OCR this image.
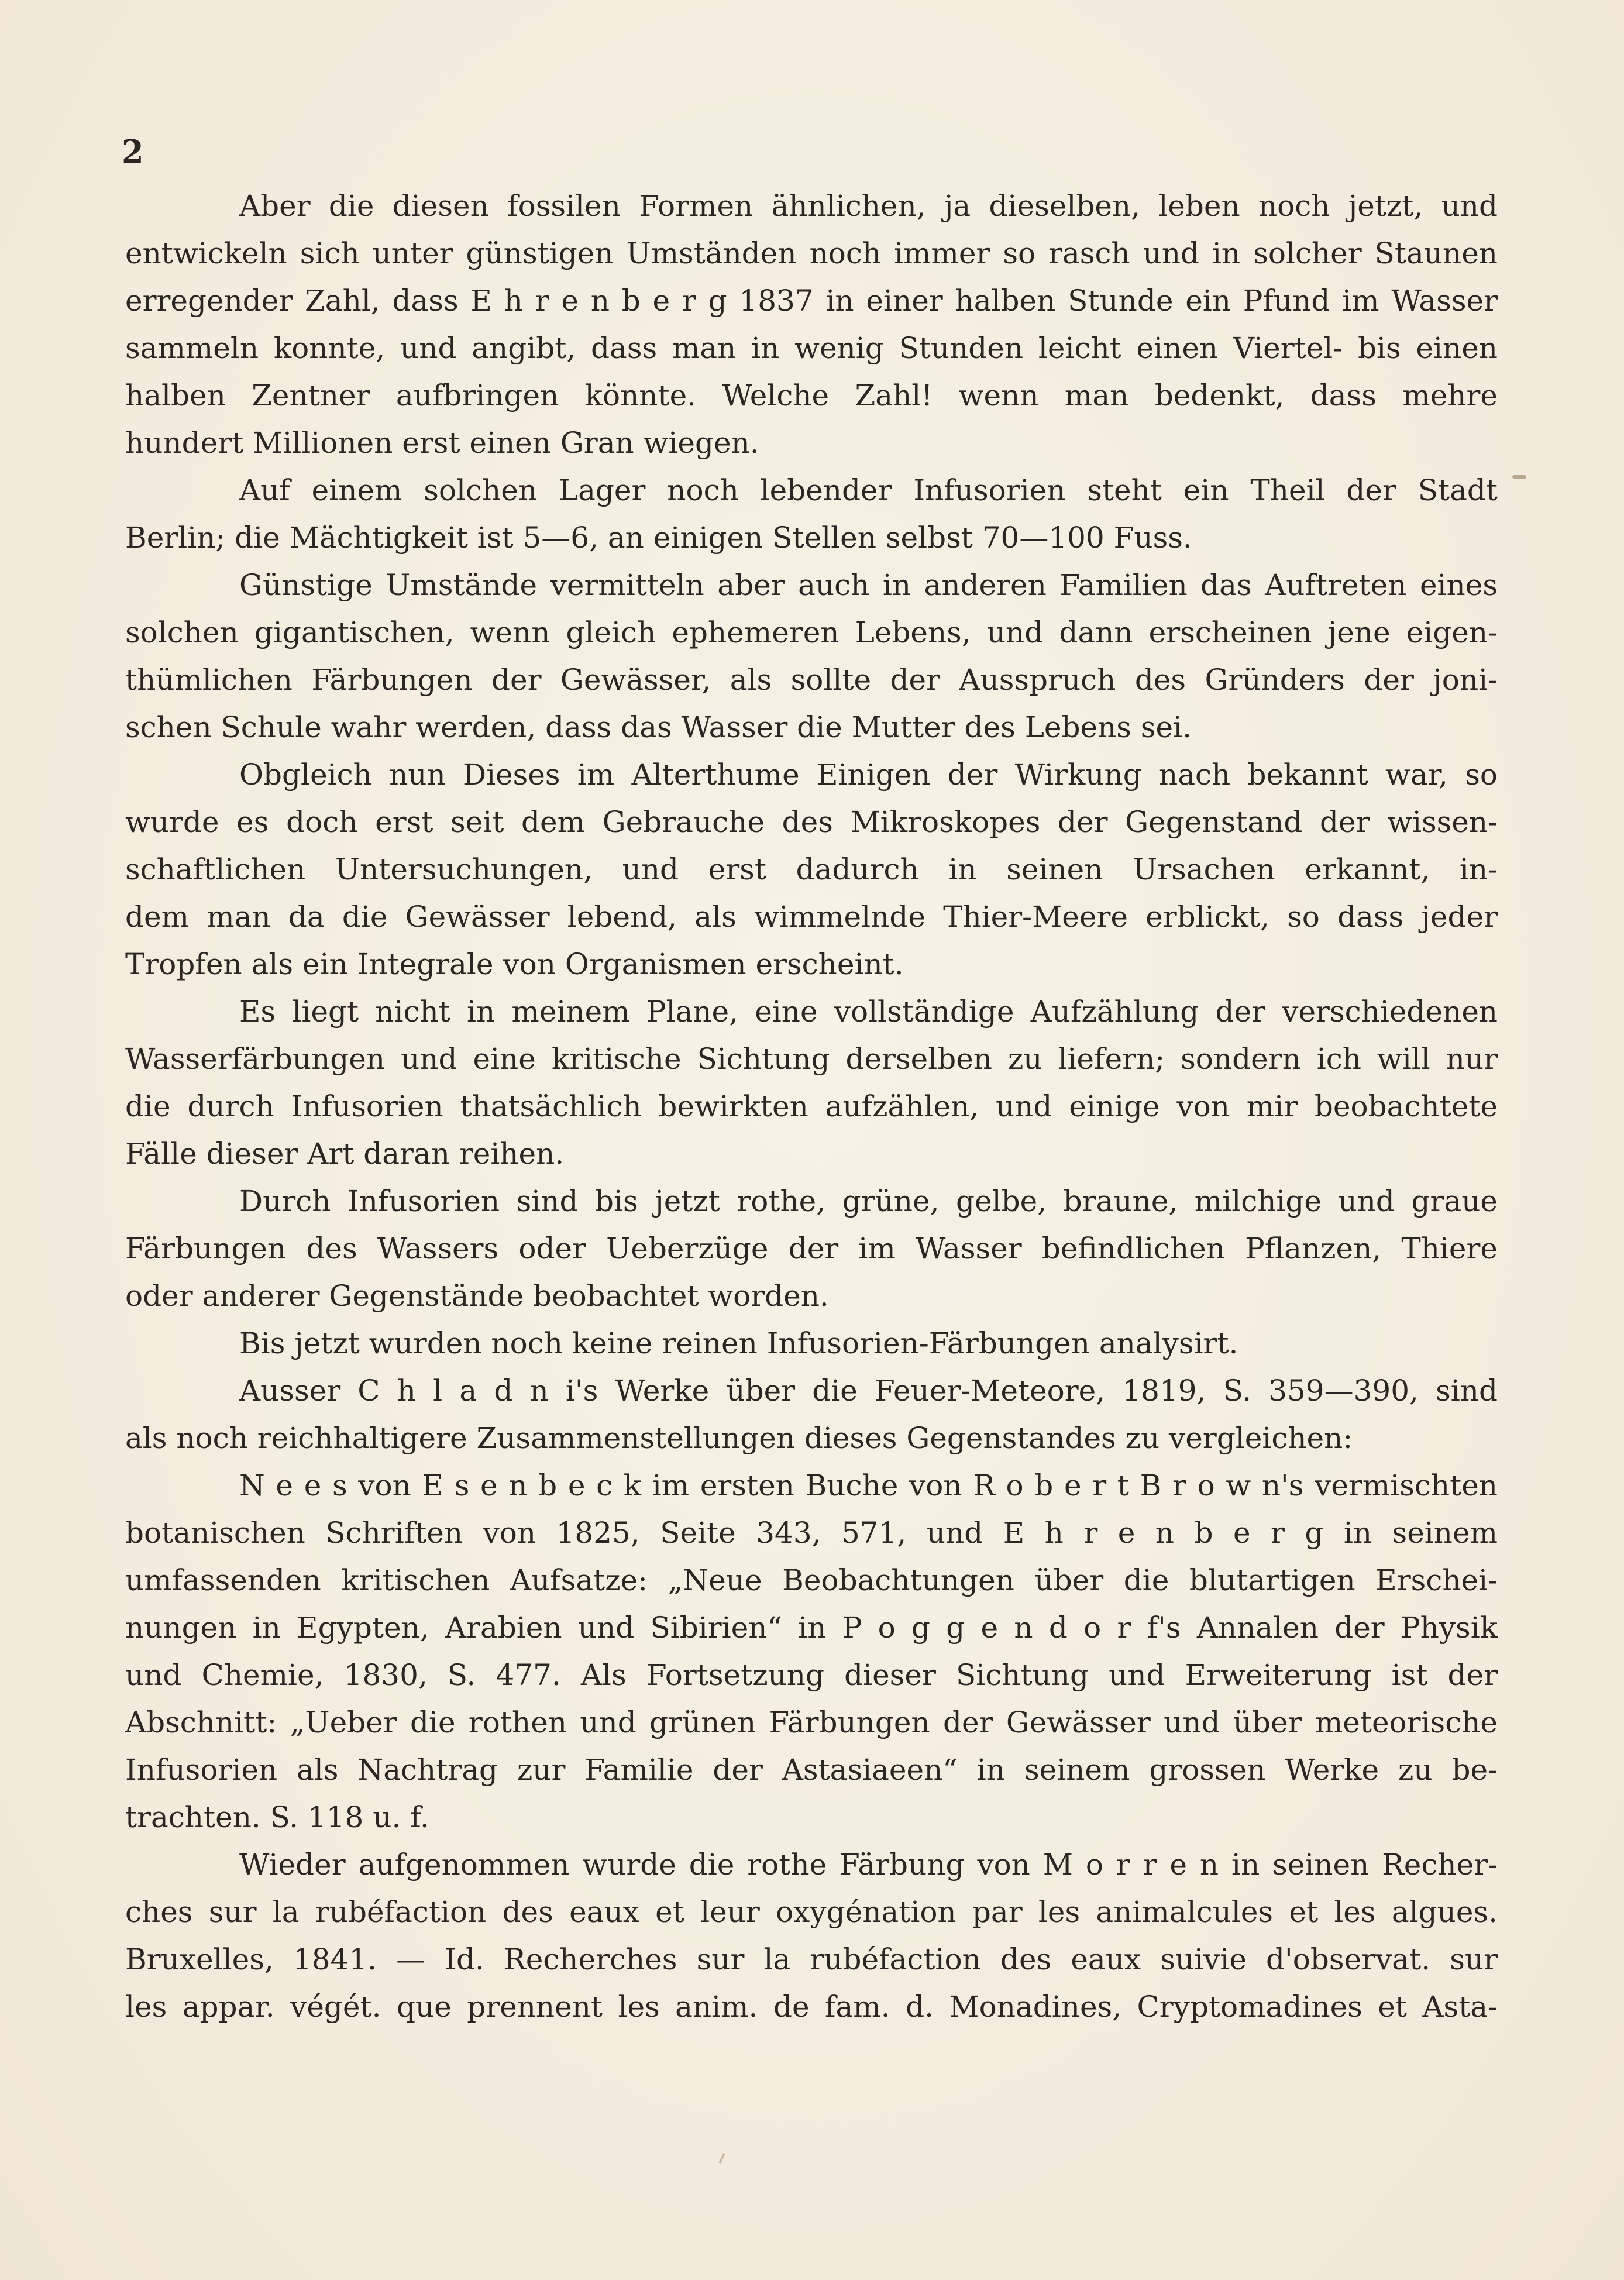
2
Aber die diesen fossilen Formen ähnlichen, ja dieselben, leben noch jetzt, und
entwickeln sich unter günstigen Umständen noch immer so rasch und in solcher Staunen
erregender Zahl, dass E h r e n b e r g 1837 in einer halben Stunde ein Pfund im Wasser
sammeln konnte, und angibt, dass man in wenig Stunden leicht einen Viertel- bis einen
halben Zentner aufbringen könnte. Welche Zahl! wenn man bedenkt, dass mehre
hundert Millionen erst einen Gran wiegen.
Auf einem solchen Lager noch lebender Infusorien steht ein Theil der Stadt
Berlin; die Mächtigkeit ist 5—6, an einigen Stellen selbst 70—100 Fuss.
Günstige Umstände vermitteln aber auch in anderen Familien das Auftreten eines
solchen gigantischen, wenn gleich ephemeren Lebens, und dann erscheinen jene eigen-
thümlichen Färbungen der Gewässer, als sollte der Ausspruch des Gründers der joni-
schen Schule wahr werden, dass das Wasser die Mutter des Lebens sei.
Obgleich nun Dieses im Alterthume Einigen der Wirkung nach bekannt war, so
wurde es doch erst seit dem Gebrauche des Mikroskopes der Gegenstand der wissen-
schaftlichen Untersuchungen, und erst dadurch in seinen Ursachen erkannt, in-
dem man da die Gewässer lebend, als wimmelnde Thier-Meere erblickt, so dass jeder
Tropfen als ein Integrale von Organismen erscheint.
Es liegt nicht in meinem Plane, eine vollständige Aufzählung der verschiedenen
Wasserfärbungen und eine kritische Sichtung derselben zu liefern; sondern ich will nur
die durch Infusorien thatsächlich bewirkten aufzählen, und einige von mir beobachtete
Fälle dieser Art daran reihen.
Durch Infusorien sind bis jetzt rothe, grüne, gelbe, braune, milchige und graue
Färbungen des Wassers oder Ueberzüge der im Wasser befindlichen Pflanzen, Thiere
oder anderer Gegenstände beobachtet worden.
Bis jetzt wurden noch keine reinen Infusorien-Färbungen analysirt.
Ausser C h l a d n i's Werke über die Feuer-Meteore, 1819, S. 359—390, sind
als noch reichhaltigere Zusammenstellungen dieses Gegenstandes zu vergleichen:
N e e s von E s e n b e c k im ersten Buche von R o b e r t B r o w n's vermischten
botanischen Schriften von 1825, Seite 343, 571, und E h r e n b e r g in seinem
umfassenden kritischen Aufsatze: „Neue Beobachtungen über die blutartigen Erschei-
nungen in Egypten, Arabien und Sibirien“ in P o g g e n d o r f's Annalen der Physik
und Chemie, 1830, S. 477. Als Fortsetzung dieser Sichtung und Erweiterung ist der
Abschnitt: „Ueber die rothen und grünen Färbungen der Gewässer und über meteorische
Infusorien als Nachtrag zur Familie der Astasiaeen“ in seinem grossen Werke zu be-
trachten. S. 118 u. f.
Wieder aufgenommen wurde die rothe Färbung von M o r r e n in seinen Recher-
ches sur la rubéfaction des eaux et leur oxygénation par les animalcules et les algues.
Bruxelles, 1841. — Id. Recherches sur la rubéfaction des eaux suivie d'observat. sur
les appar. végét. que prennent les anim. de fam. d. Monadines, Cryptomadines et Asta-
